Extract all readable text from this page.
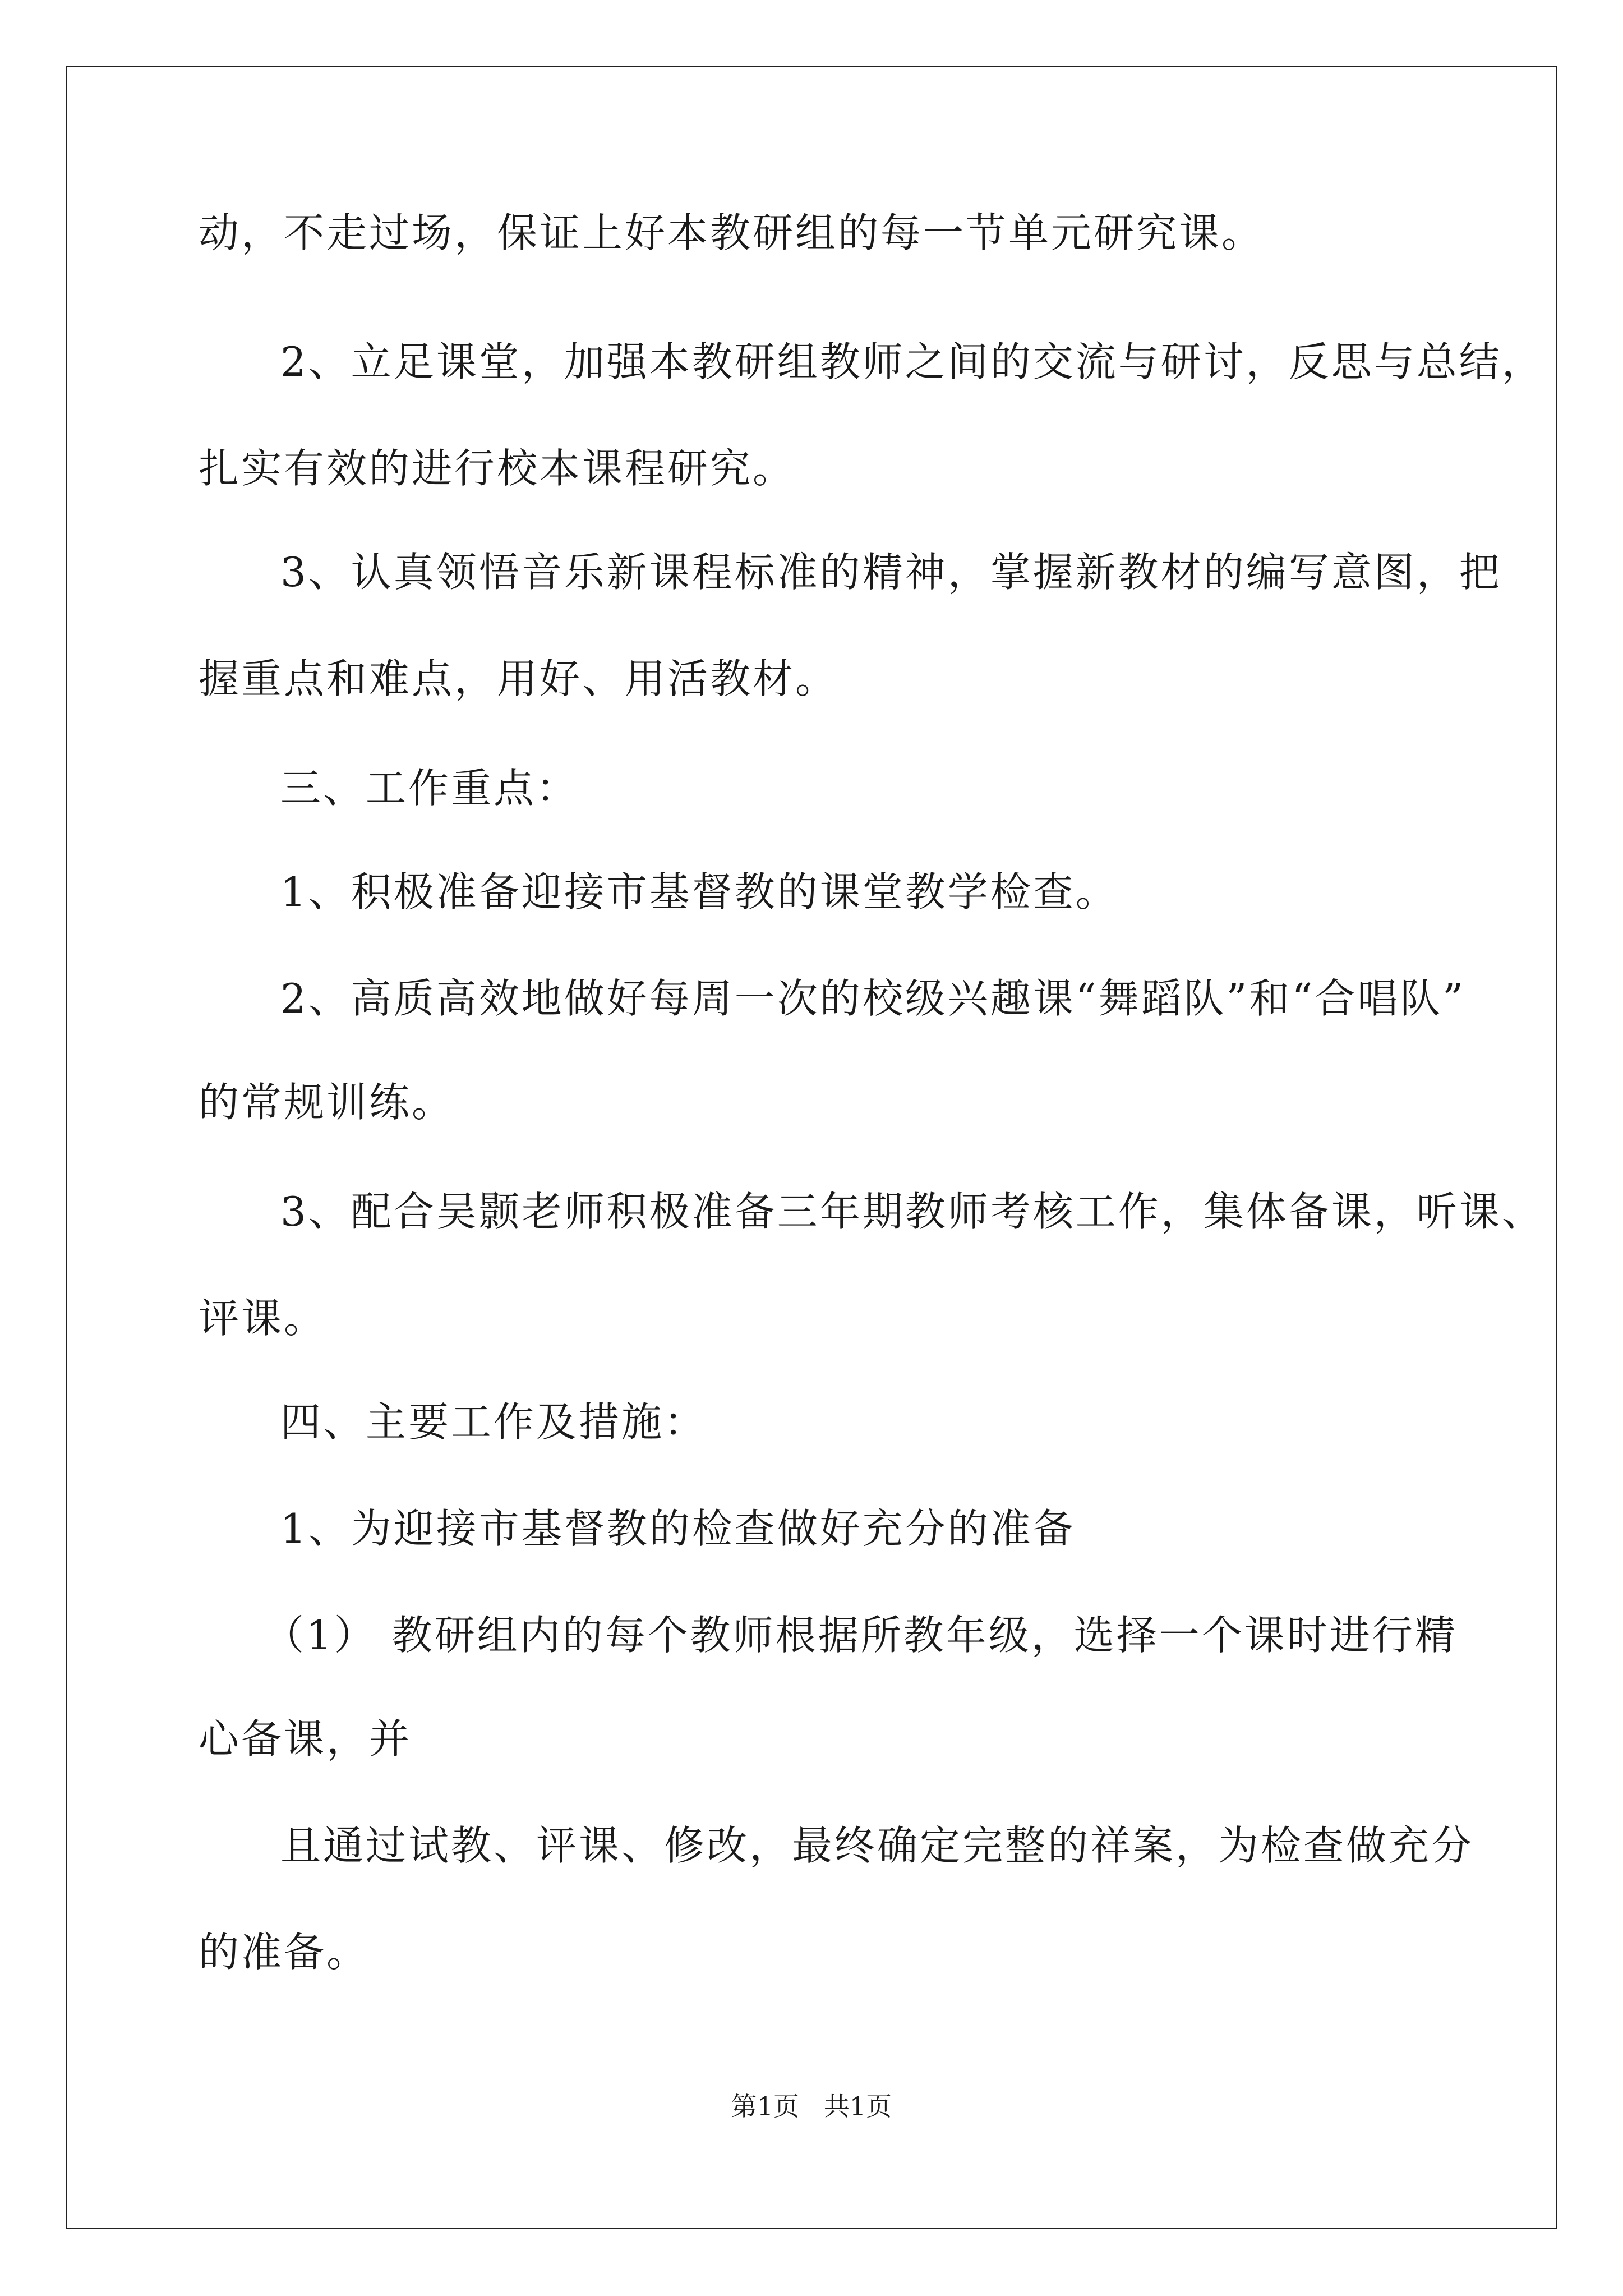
动，不走过场，保证上好本教研组的每一节单元研究课。
2、立足课堂，加强本教研组教师之间的交流与研讨，反思与总结，
扎实有效的进行校本课程研究。
3、认真领悟音乐新课程标准的精神，掌握新教材的编写意图，把
握重点和难点，用好、用活教材。
三、工作重点：
1、积极准备迎接市基督教的课堂教学检查。
2、高质高效地做好每周一次的校级兴趣课“舞蹈队”和“合唱队”
的常规训练。
3、配合吴颢老师积极准备三年期教师考核工作，集体备课，听课、
评课。
四、主要工作及措施：
1、为迎接市基督教的检查做好充分的准备
（1） 教研组内的每个教师根据所教年级，选择一个课时进行精
心备课，并
且通过试教、评课、修改，最终确定完整的祥案，为检查做充分
的准备。
第1页   共1页
